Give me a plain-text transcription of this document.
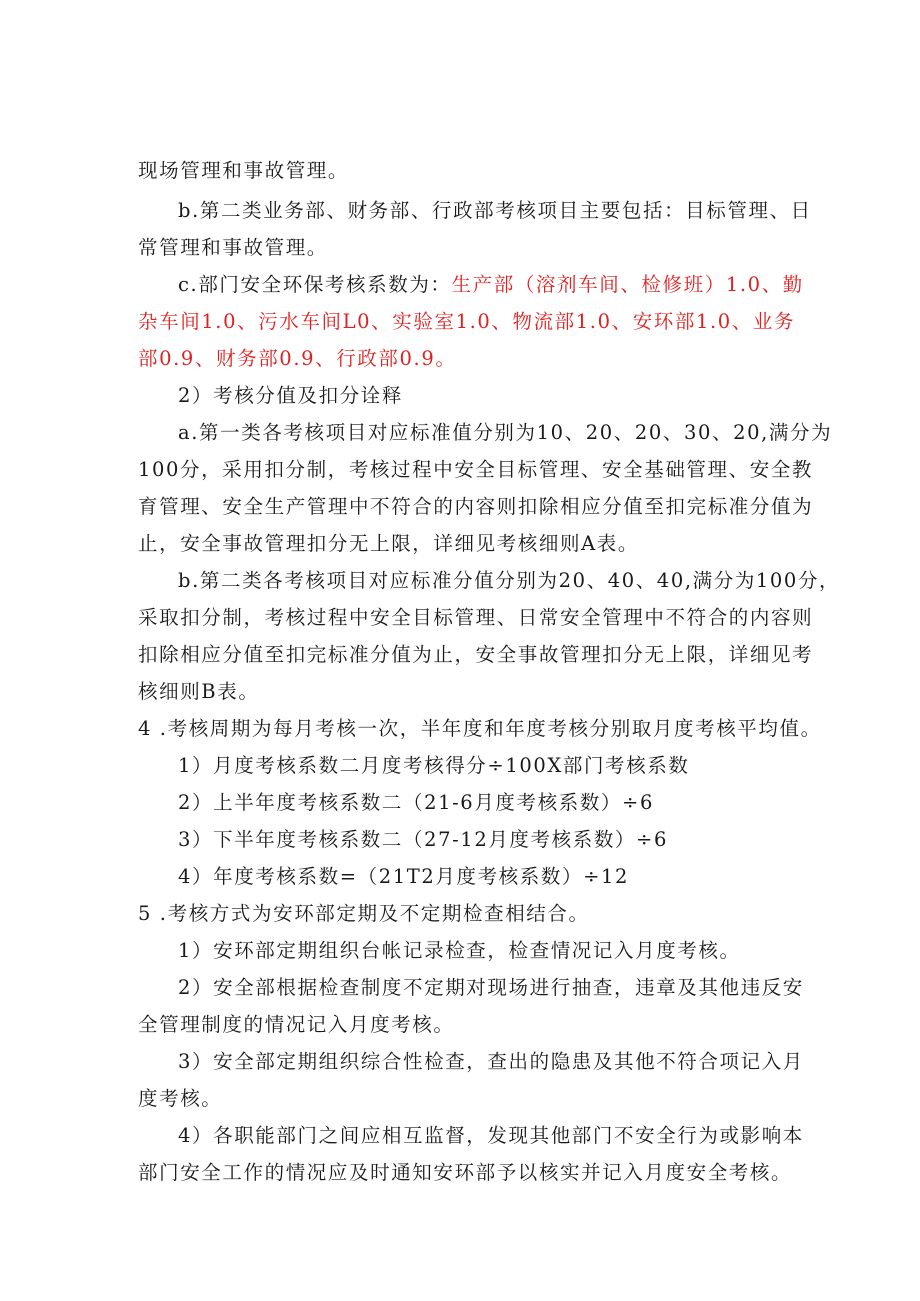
现场管理和事故管理。
b.第二类业务部、财务部、行政部考核项目主要包括：目标管理、日
常管理和事故管理。
c.部门安全环保考核系数为：生产部（溶剂车间、检修班）1.0、勤
杂车间1.0、污水车间L0、实验室1.0、物流部1.0、安环部1.0、业务
部0.9、财务部0.9、行政部0.9。
2）考核分值及扣分诠释
a.第一类各考核项目对应标准值分别为10、20、20、30、20,满分为
100分，采用扣分制，考核过程中安全目标管理、安全基础管理、安全教
育管理、安全生产管理中不符合的内容则扣除相应分值至扣完标准分值为
止，安全事故管理扣分无上限，详细见考核细则A表。
b.第二类各考核项目对应标准分值分别为20、40、40,满分为100分，
采取扣分制，考核过程中安全目标管理、日常安全管理中不符合的内容则
扣除相应分值至扣完标准分值为止，安全事故管理扣分无上限，详细见考
核细则B表。
4 .考核周期为每月考核一次，半年度和年度考核分别取月度考核平均值。
1）月度考核系数二月度考核得分÷100X部门考核系数
2）上半年度考核系数二（21-6月度考核系数）÷6
3）下半年度考核系数二（27-12月度考核系数）÷6
4）年度考核系数=（21T2月度考核系数）÷12
5 .考核方式为安环部定期及不定期检查相结合。
1）安环部定期组织台帐记录检查，检查情况记入月度考核。
2）安全部根据检查制度不定期对现场进行抽查，违章及其他违反安
全管理制度的情况记入月度考核。
3）安全部定期组织综合性检查，查出的隐患及其他不符合项记入月
度考核。
4）各职能部门之间应相互监督，发现其他部门不安全行为或影响本
部门安全工作的情况应及时通知安环部予以核实并记入月度安全考核。
